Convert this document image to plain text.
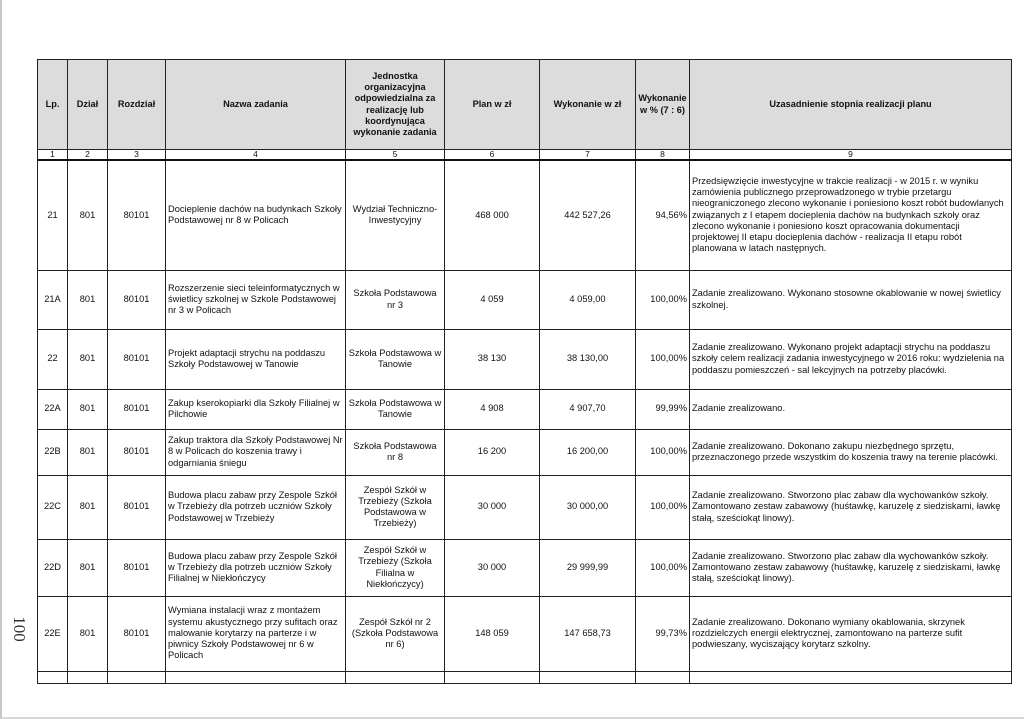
100
Lp.	Dział	Rozdział	Nazwa zadania	Jednostka organizacyjna odpowiedzialna za realizację lub koordynująca wykonanie zadania	Plan w zł	Wykonanie w zł	Wykonanie w % (7 : 6)	Uzasadnienie stopnia realizacji planu
1	2	3	4	5	6	7	8	9
21	801	80101	Docieplenie dachów na budynkach Szkoły Podstawowej nr 8 w Policach	Wydział Techniczno-Inwestycyjny	468 000	442 527,26	94,56%	Przedsięwzięcie inwestycyjne w trakcie realizacji - w 2015 r. w wyniku zamówienia publicznego przeprowadzonego w trybie przetargu nieograniczonego zlecono wykonanie i poniesiono koszt robót budowlanych związanych z I etapem docieplenia dachów na budynkach szkoły oraz zlecono wykonanie i poniesiono koszt opracowania dokumentacji projektowej II etapu docieplenia dachów - realizacja II etapu robót planowana w latach następnych.
21A	801	80101	Rozszerzenie sieci teleinformatycznych w świetlicy szkolnej w Szkole Podstawowej nr 3 w Policach	Szkoła Podstawowa nr 3	4 059	4 059,00	100,00%	Zadanie zrealizowano. Wykonano stosowne okablowanie w nowej świetlicy szkolnej.
22	801	80101	Projekt adaptacji strychu na poddaszu Szkoły Podstawowej w Tanowie	Szkoła Podstawowa w Tanowie	38 130	38 130,00	100,00%	Zadanie zrealizowano. Wykonano projekt adaptacji strychu na poddaszu szkoły celem realizacji zadania inwestycyjnego w 2016 roku: wydzielenia na poddaszu pomieszczeń - sal lekcyjnych na potrzeby placówki.
22A	801	80101	Zakup kserokopiarki dla Szkoły Filialnej w Pilchowie	Szkoła Podstawowa w Tanowie	4 908	4 907,70	99,99%	Zadanie zrealizowano.
22B	801	80101	Zakup traktora dla Szkoły Podstawowej Nr 8 w Policach do koszenia trawy i odgarniania śniegu	Szkoła Podstawowa nr 8	16 200	16 200,00	100,00%	Zadanie zrealizowano. Dokonano zakupu niezbędnego sprzętu, przeznaczonego przede wszystkim do koszenia trawy na terenie placówki.
22C	801	80101	Budowa placu zabaw przy Zespole Szkół w Trzebieży dla potrzeb uczniów Szkoły Podstawowej w Trzebieży	Zespół Szkół w Trzebieży (Szkoła Podstawowa w Trzebieży)	30 000	30 000,00	100,00%	Zadanie zrealizowano. Stworzono plac zabaw dla wychowanków szkoły. Zamontowano zestaw zabawowy (huśtawkę, karuzelę z siedziskami, ławkę stałą, sześciokąt linowy).
22D	801	80101	Budowa placu zabaw przy Zespole Szkół w Trzebieży dla potrzeb uczniów Szkoły Filialnej w Niekłończycy	Zespół Szkół w Trzebieży (Szkoła Filialna w Niekłończycy)	30 000	29 999,99	100,00%	Zadanie zrealizowano. Stworzono plac zabaw dla wychowanków szkoły. Zamontowano zestaw zabawowy (huśtawkę, karuzelę z siedziskami, ławkę stałą, sześciokąt linowy).
22E	801	80101	Wymiana instalacji wraz z montażem systemu akustycznego przy sufitach oraz malowanie korytarzy na parterze i w piwnicy Szkoły Podstawowej nr 6 w Policach	Zespół Szkół nr 2 (Szkoła Podstawowa nr 6)	148 059	147 658,73	99,73%	Zadanie zrealizowano. Dokonano wymiany okablowania, skrzynek rozdzielczych energii elektrycznej, zamontowano na parterze sufit podwieszany, wyciszający korytarz szkolny.
